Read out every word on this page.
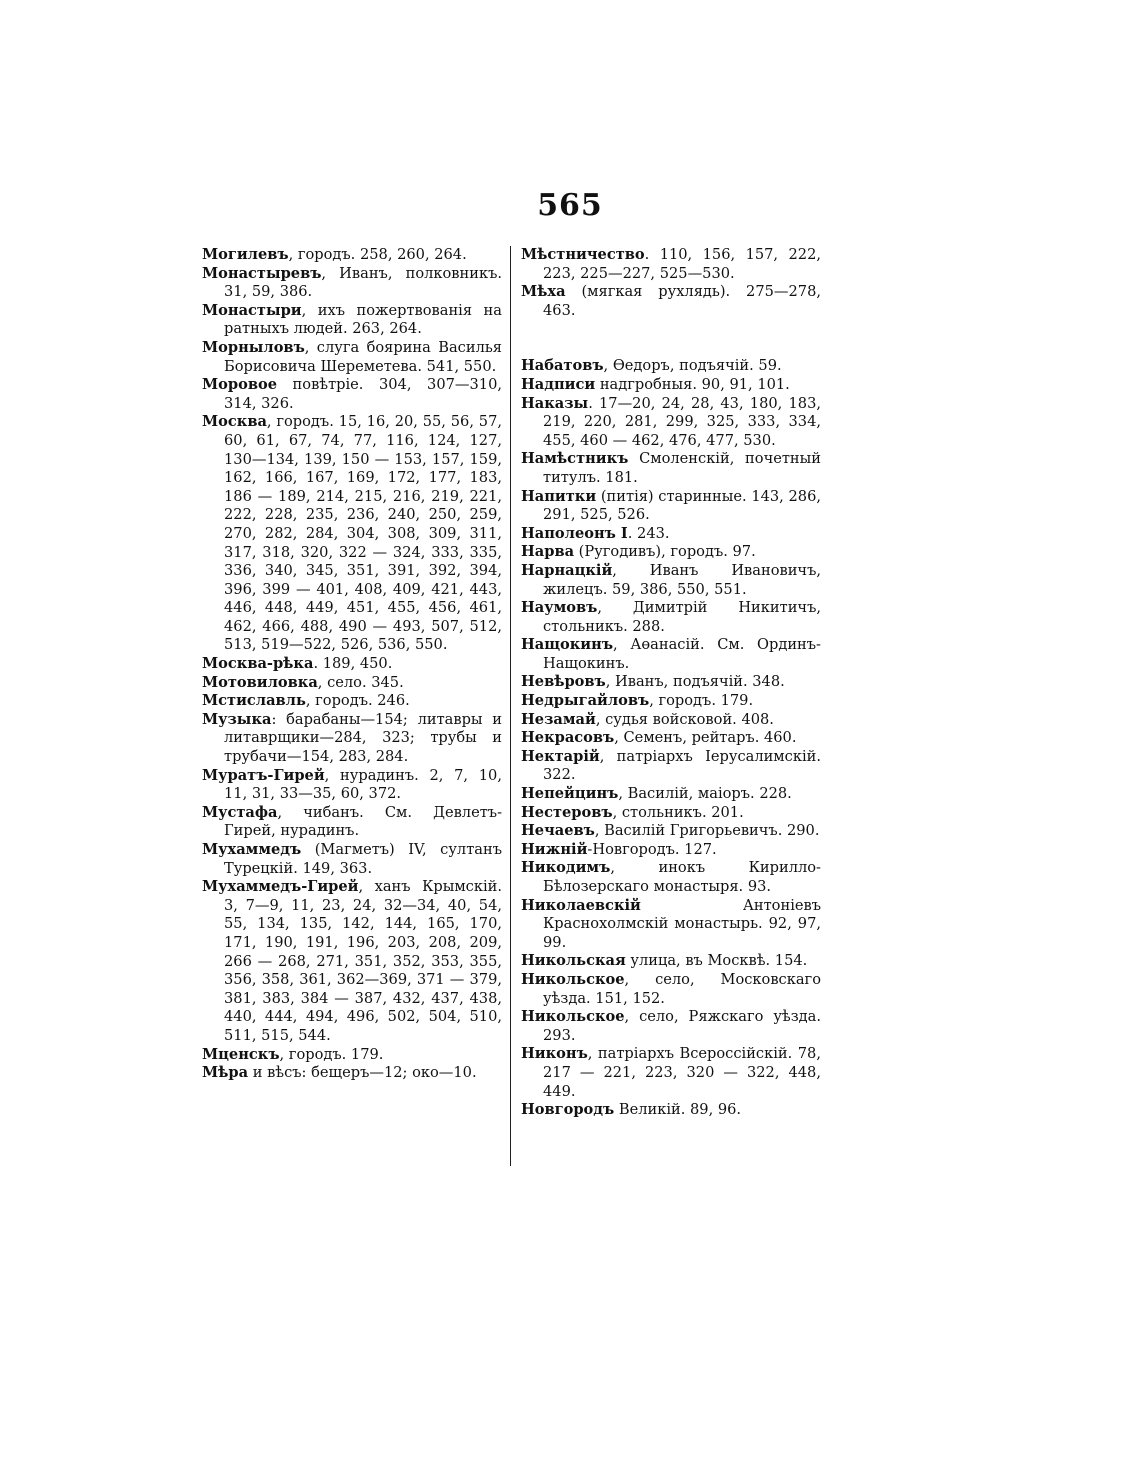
565

Могилевъ, городъ. 258, 260, 264.

Монастыревъ, Иванъ, полковникъ. 31, 59, 386.

Монастыри, ихъ пожертвованія на ратныхъ людей. 263, 264.

Морныловъ, слуга боярина Василья Борисовича Шереметева. 541, 550.

Моровое повѣтріе. 304, 307—310, 314, 326.

Москва, городъ. 15, 16, 20, 55, 56, 57, 60, 61, 67, 74, 77, 116, 124, 127, 130—134, 139, 150 — 153, 157, 159, 162, 166, 167, 169, 172, 177, 183, 186 — 189, 214, 215, 216, 219, 221, 222, 228, 235, 236, 240, 250, 259, 270, 282, 284, 304, 308, 309, 311, 317, 318, 320, 322 — 324, 333, 335, 336, 340, 345, 351, 391, 392, 394, 396, 399 — 401, 408, 409, 421, 443, 446, 448, 449, 451, 455, 456, 461, 462, 466, 488, 490 — 493, 507, 512, 513, 519—522, 526, 536, 550.

Москва-рѣка. 189, 450.

Мотовиловка, село. 345.

Мстиславль, городъ. 246.

Музыка: барабаны—154; литавры и литаврщики—284, 323; трубы и трубачи—154, 283, 284.

Муратъ-Гирей, нурадинъ. 2, 7, 10, 11, 31, 33—35, 60, 372.

Мустафа, чибанъ. См. Девлетъ-Гирей, нурадинъ.

Мухаммедъ (Магметъ) IV, султанъ Турецкій. 149, 363.

Мухаммедъ-Гирей, ханъ Крымскій. 3, 7—9, 11, 23, 24, 32—34, 40, 54, 55, 134, 135, 142, 144, 165, 170, 171, 190, 191, 196, 203, 208, 209, 266 — 268, 271, 351, 352, 353, 355, 356, 358, 361, 362—369, 371 — 379, 381, 383, 384 — 387, 432, 437, 438, 440, 444, 494, 496, 502, 504, 510, 511, 515, 544.

Мценскъ, городъ. 179.

Мѣра и вѣсъ: бещеръ—12; око—10.

Мѣстничество. 110, 156, 157, 222, 223, 225—227, 525—530.

Мѣха (мягкая рухлядь). 275—278, 463.

Набатовъ, Өедоръ, подъячій. 59.

Надписи надгробныя. 90, 91, 101.

Наказы. 17—20, 24, 28, 43, 180, 183, 219, 220, 281, 299, 325, 333, 334, 455, 460 — 462, 476, 477, 530.

Намѣстникъ Смоленскій, почетный титулъ. 181.

Напитки (питія) старинные. 143, 286, 291, 525, 526.

Наполеонъ I. 243.

Нарва (Ругодивъ), городъ. 97.

Нарнацкій, Иванъ Ивановичъ, жилецъ. 59, 386, 550, 551.

Наумовъ, Димитрій Никитичъ, стольникъ. 288.

Нащокинъ, Аөанасій. См. Ординъ-Нащокинъ.

Невѣровъ, Иванъ, подъячій. 348.

Недрыгайловъ, городъ. 179.

Незамай, судья войсковой. 408.

Некрасовъ, Семенъ, рейтаръ. 460.

Нектарій, патріархъ Іерусалимскій. 322.

Непейцинъ, Василій, маіоръ. 228.

Нестеровъ, стольникъ. 201.

Нечаевъ, Василій Григорьевичъ. 290.

Нижній-Новгородъ. 127.

Никодимъ, инокъ Кирилло-Бѣлозерскаго монастыря. 93.

Николаевскій Антоніевъ Краснохолмскій монастырь. 92, 97, 99.

Никольская улица, въ Москвѣ. 154.

Никольское, село, Московскаго уѣзда. 151, 152.

Никольское, село, Ряжскаго уѣзда. 293.

Никонъ, патріархъ Всероссійскій. 78, 217 — 221, 223, 320 — 322, 448, 449.

Новгородъ Великій. 89, 96.
